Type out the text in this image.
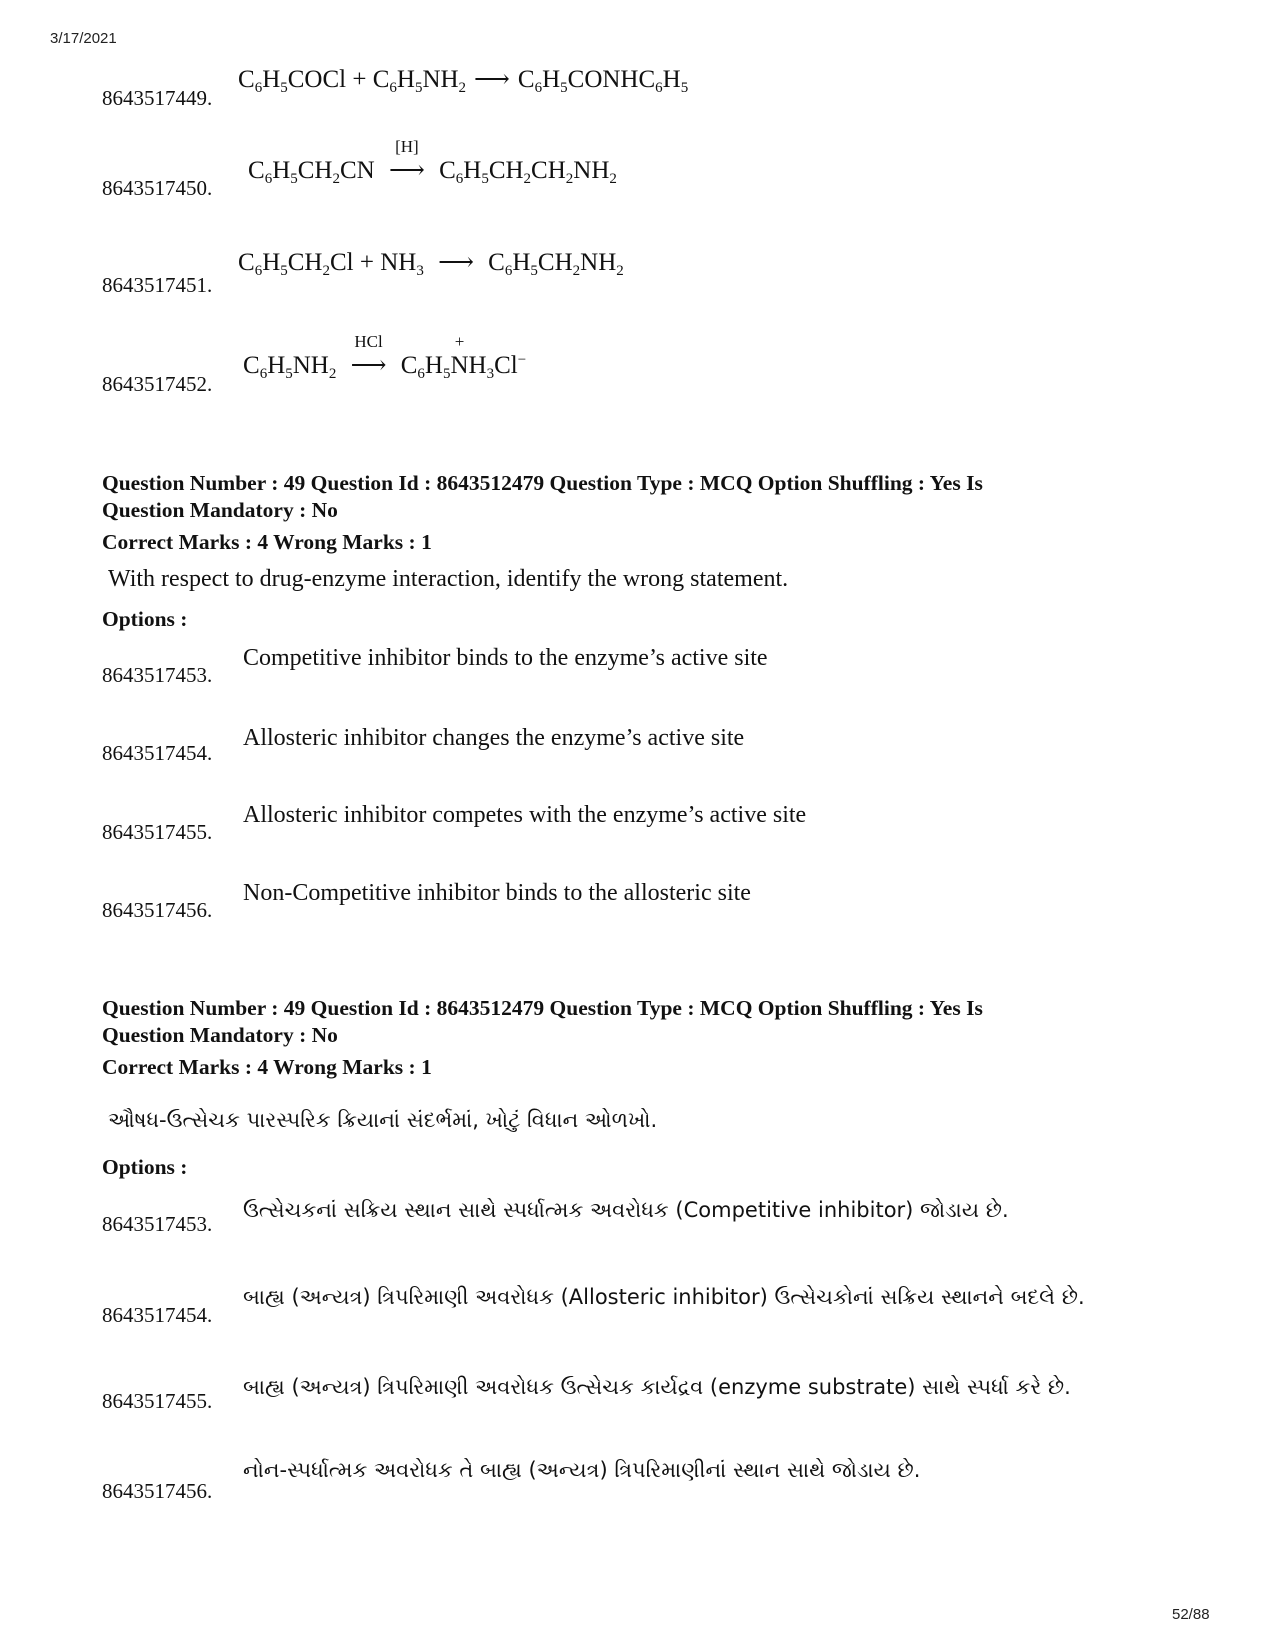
3/17/2021
8643517449.
$C_6H_5COCl + C_6H_5NH_2$ ⟶ $C_6H_5CONHC_6H_5$
8643517450.
$C_6H_5CH_2CN$
[H]
⟶ $C_6H_5CH_2CH_2NH_2$
8643517451.
$C_6H_5CH_2Cl + NH_3$ ⟶ $C_6H_5CH_2NH_2$
8643517452.
$C_6H_5NH_2$
HCl
⟶ $C_6H_5$
+
$NH_3Cl^-$
Question Number : 49 Question Id : 8643512479 Question Type : MCQ Option Shuffling : Yes Is
Question Mandatory : No
Correct Marks : 4 Wrong Marks : 1
With respect to drug-enzyme interaction, identify the wrong statement.
Options :
8643517453.
Competitive inhibitor binds to the enzyme’s active site
8643517454.
Allosteric inhibitor changes the enzyme’s active site
8643517455.
Allosteric inhibitor competes with the enzyme’s active site
8643517456.
Non-Competitive inhibitor binds to the allosteric site
Question Number : 49 Question Id : 8643512479 Question Type : MCQ Option Shuffling : Yes Is
Question Mandatory : No
Correct Marks : 4 Wrong Marks : 1
ઔષધ-ઉત્સેચક પારસ્પરિક ક્રિયાનાં સંદર્ભમાં, ખોટું વિધાન ઓળખો.
Options :
8643517453.
ઉત્સેચકનાં સક્રિય સ્થાન સાથે સ્પર્ધાત્મક અવરોધક (Competitive inhibitor) જોડાય છે.
8643517454.
બાહ્ય (અન્યત્ર) ત્રિપરિમાણી અવરોધક (Allosteric inhibitor) ઉત્સેચકોનાં સક્રિય સ્થાનને બદલે છે.
8643517455.
બાહ્ય (અન્યત્ર) ત્રિપરિમાણી અવરોધક ઉત્સેચક કાર્યદ્રવ (enzyme substrate) સાથે સ્પર્ધા કરે છે.
8643517456.
નોન-સ્પર્ધાત્મક અવરોધક તે બાહ્ય (અન્યત્ર) ત્રિપરિમાણીનાં સ્થાન સાથે જોડાય છે.
52/88
